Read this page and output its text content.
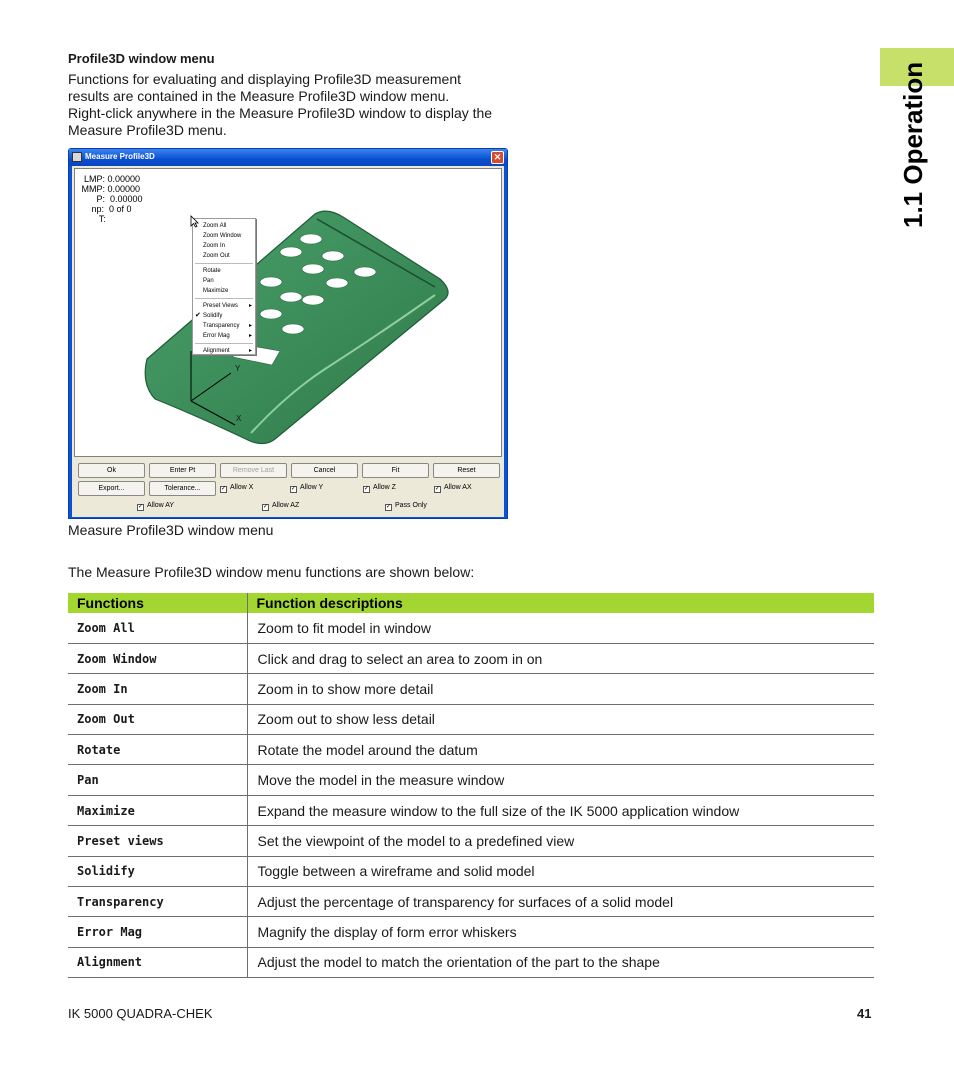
1.1 Operation
Profile3D window menu

Functions for evaluating and displaying Profile3D measurement

results are contained in the Measure Profile3D window menu.

Right-click anywhere in the Measure Profile3D window to display the

Measure Profile3D menu.

Measure Profile3D	✕
Y
X
LMP: 0.00000
MMP: 0.00000
P:  0.00000
np:  0 of 0
T:
Zoom All
Zoom Window
Zoom In
Zoom Out
Rotate
Pan
Maximize
Preset Views ▸
✔ Solidify
Transparency ▸
Error Mag	▸
Alignment	▸
Ok	Enter Pt	Remove Last	Cancel	Fit	Reset
Export...	Tolerance...	✓ Allow X	✓ Allow Y	✓ Allow Z	✓ Allow AX
✓ Allow AY	✓ Allow AZ	✓ Pass Only
Measure Profile3D window menu
The Measure Profile3D window menu functions are shown below:
Functions	Function descriptions
Zoom All	Zoom to fit model in window
Zoom Window	Click and drag to select an area to zoom in on
Zoom In	Zoom in to show more detail
Zoom Out	Zoom out to show less detail
Rotate	Rotate the model around the datum
Pan	Move the model in the measure window
Maximize	Expand the measure window to the full size of the IK 5000 application window
Preset views	Set the viewpoint of the model to a predefined view
Solidify	Toggle between a wireframe and solid model
Transparency	Adjust the percentage of transparency for surfaces of a solid model
Error Mag	Magnify the display of form error whiskers
Alignment	Adjust the model to match the orientation of the part to the shape
IK 5000 QUADRA-CHEK	41
